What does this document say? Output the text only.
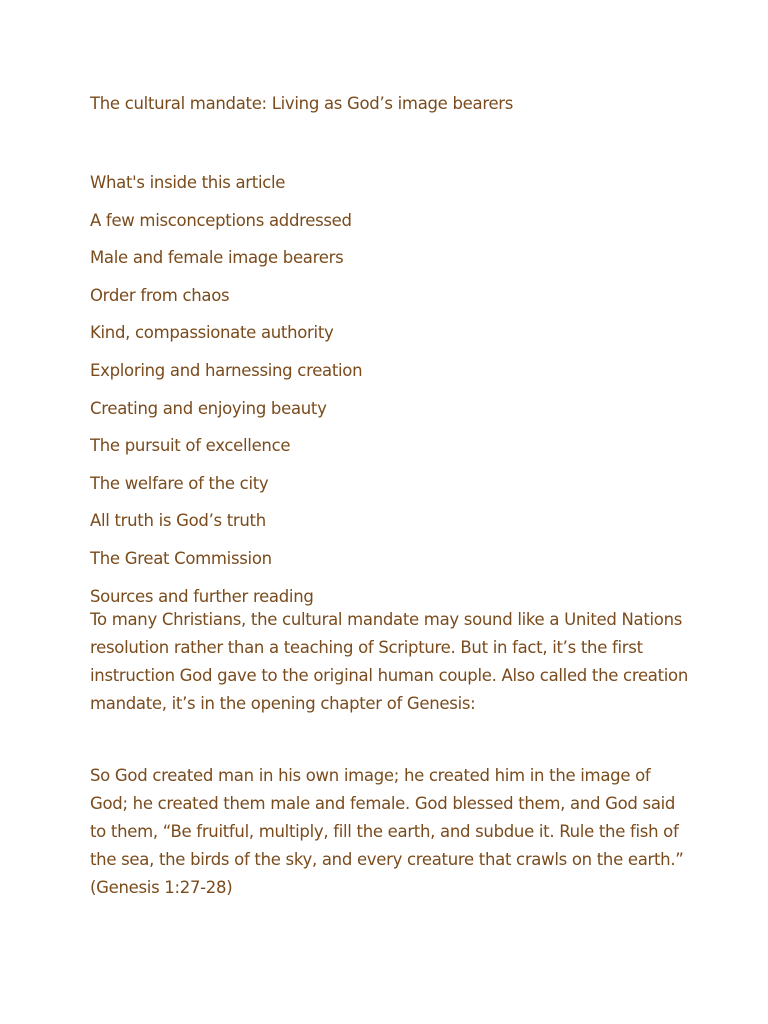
The cultural mandate: Living as God’s image bearers
What's inside this article
A few misconceptions addressed
Male and female image bearers
Order from chaos
Kind, compassionate authority
Exploring and harnessing creation
Creating and enjoying beauty
The pursuit of excellence
The welfare of the city
All truth is God’s truth
The Great Commission
Sources and further reading

To many Christians, the cultural mandate may sound like a United Nations resolution rather than a teaching of Scripture. But in fact, it’s the first instruction God gave to the original human couple. Also called the creation mandate, it’s in the opening chapter of Genesis:

So God created man in his own image; he created him in the image of God; he created them male and female. God blessed them, and God said to them, “Be fruitful, multiply, fill the earth, and subdue it. Rule the fish of the sea, the birds of the sky, and every creature that crawls on the earth.” (Genesis 1:27-28)
